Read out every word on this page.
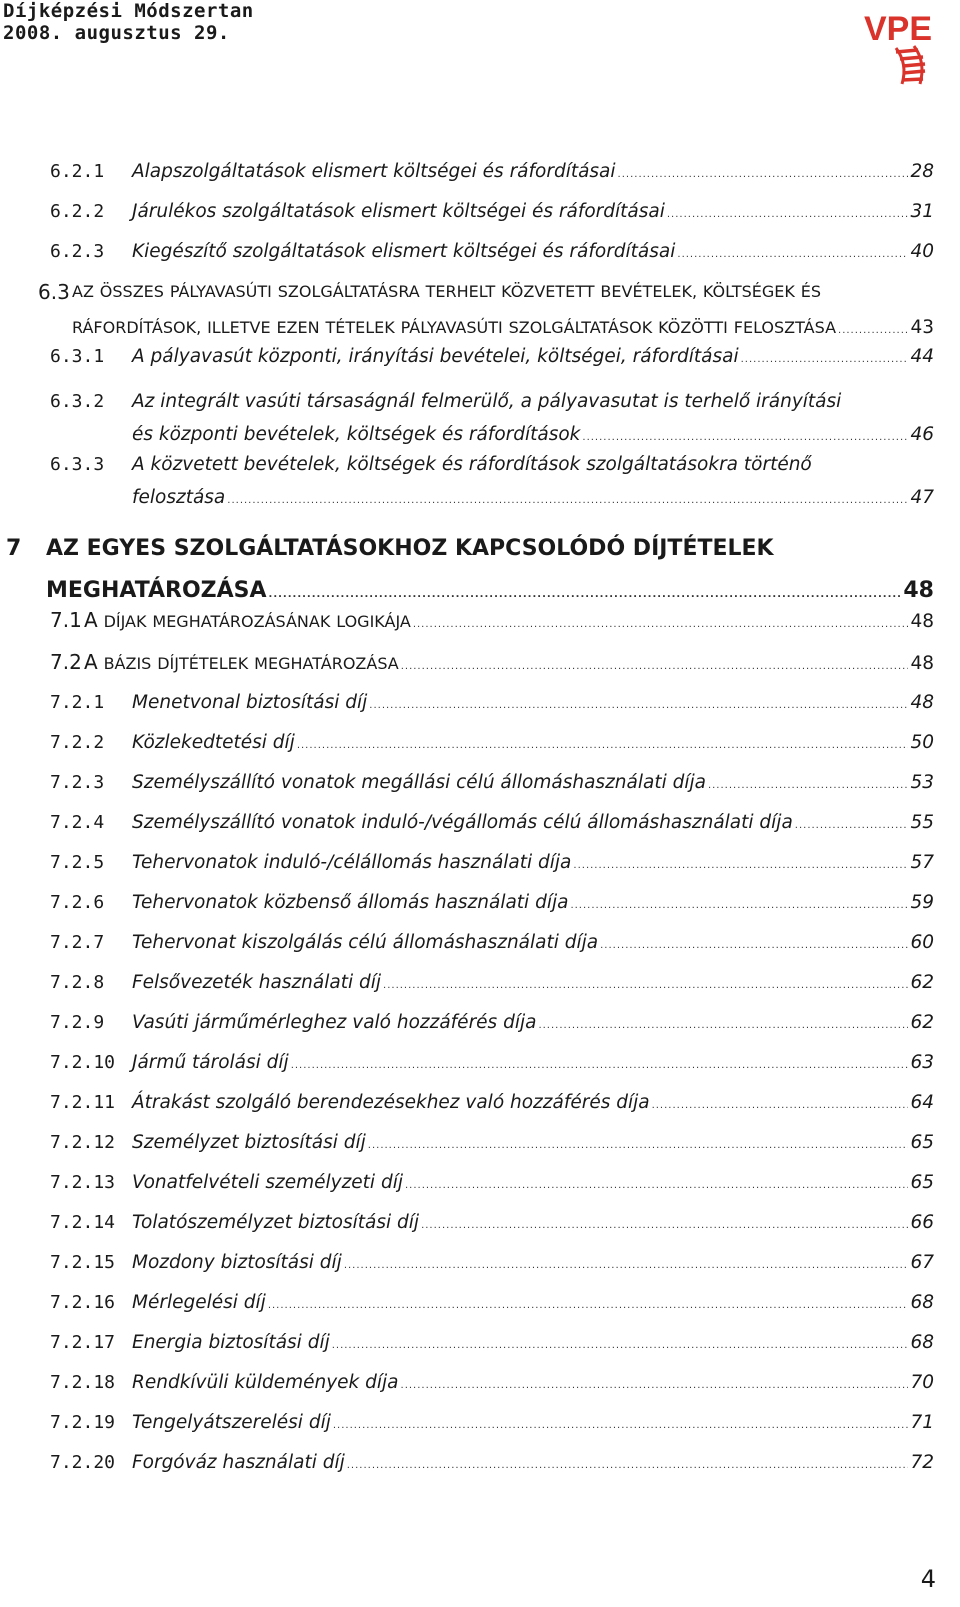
Díjképzési Módszertan
2008. augusztus 29.	VPE
6.2.1 Alapszolgáltatások elismert költségei és ráfordításai .....	28
6.2.2 Járulékos szolgáltatások elismert költségei és ráfordításai .....	31
6.2.3 Kiegészítő szolgáltatások elismert költségei és ráfordításai .....	40
6.3 AZ ÖSSZES PÁLYAVASÚTI SZOLGÁLTATÁSRA TERHELT KÖZVETETT BEVÉTELEK, KÖLTSÉGEK ÉS
RÁFORDÍTÁSOK, ILLETVE EZEN TÉTELEK PÁLYAVASÚTI SZOLGÁLTATÁSOK KÖZÖTTI FELOSZTÁSA .....	43
6.3.1 A pályavasút központi, irányítási bevételei, költségei, ráfordításai .....	44
6.3.2 Az integrált vasúti társaságnál felmerülő, a pályavasutat is terhelő irányítási
és központi bevételek, költségek és ráfordítások .....	46
6.3.3 A közvetett bevételek, költségek és ráfordítások szolgáltatásokra történő
felosztása .....	47
7 AZ EGYES SZOLGÁLTATÁSOKHOZ KAPCSOLÓDÓ DÍJTÉTELEK
MEGHATÁROZÁSA .....	48
7.1 A DÍJAK MEGHATÁROZÁSÁNAK LOGIKÁJA .....	48
7.2 A BÁZIS DÍJTÉTELEK MEGHATÁROZÁSA .....	48
7.2.1 Menetvonal biztosítási díj .....	48
7.2.2 Közlekedtetési díj .....	50
7.2.3 Személyszállító vonatok megállási célú állomáshasználati díja .....	53
7.2.4 Személyszállító vonatok induló-/végállomás célú állomáshasználati díja .....	55
7.2.5 Tehervonatok induló-/célállomás használati díja .....	57
7.2.6 Tehervonatok közbenső állomás használati díja .....	59
7.2.7 Tehervonat kiszolgálás célú állomáshasználati díja .....	60
7.2.8 Felsővezeték használati díj .....	62
7.2.9 Vasúti járműmérleghez való hozzáférés díja .....	62
7.2.10 Jármű tárolási díj .....	63
7.2.11 Átrakást szolgáló berendezésekhez való hozzáférés díja .....	64
7.2.12 Személyzet biztosítási díj .....	65
7.2.13 Vonatfelvételi személyzeti díj .....	65
7.2.14 Tolatószemélyzet biztosítási díj .....	66
7.2.15 Mozdony biztosítási díj .....	67
7.2.16 Mérlegelési díj .....	68
7.2.17 Energia biztosítási díj .....	68
7.2.18 Rendkívüli küldemények díja .....	70
7.2.19 Tengelyátszerelési díj .....	71
7.2.20 Forgóváz használati díj .....	72
4
